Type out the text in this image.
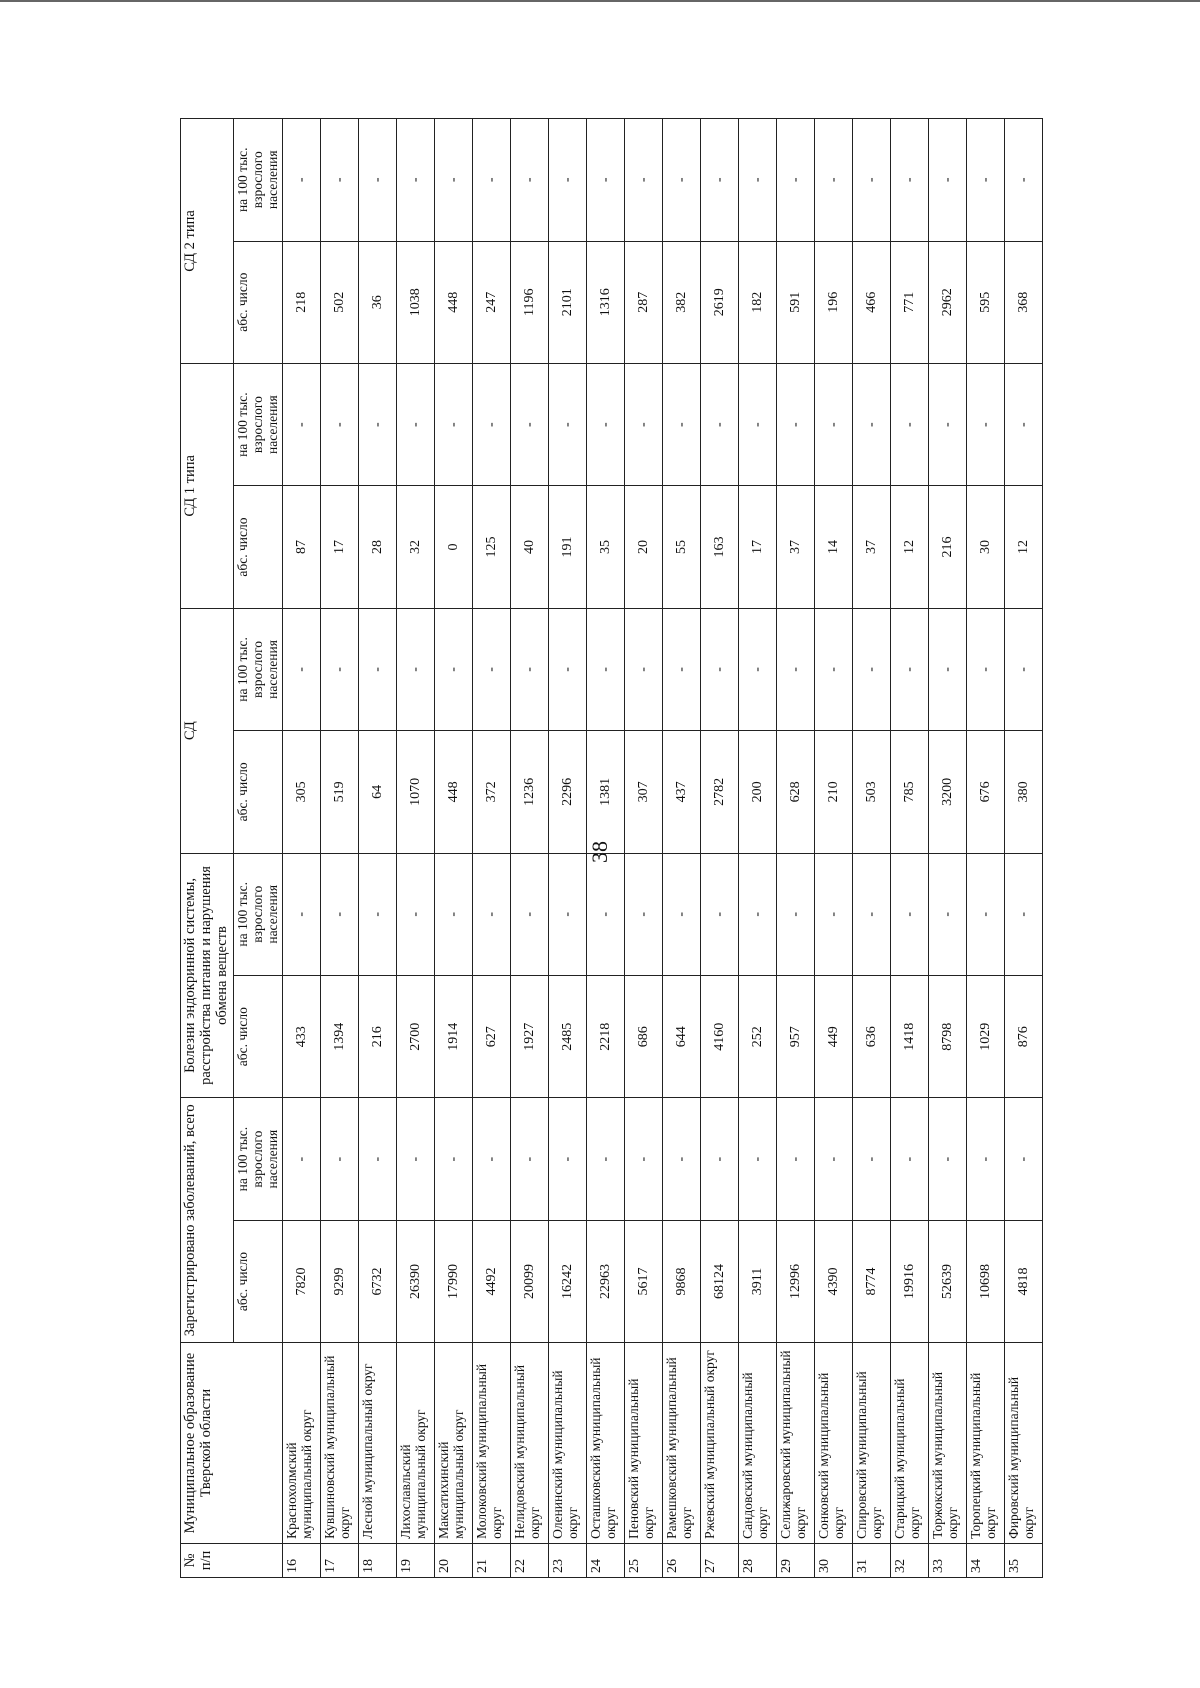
38
№ п/п	Муниципальное образование Тверской области	Зарегистрировано заболеваний, всего		Болезни эндокринной системы, расстройства питания и нарушения обмена веществ		СД		СД 1 типа		СД 2 типа	
		абс. число	на 100 тыс. взрослого населения	абс. число	на 100 тыс. взрослого населения	абс. число	на 100 тыс. взрослого населения	абс. число	на 100 тыс. взрослого населения	абс. число	на 100 тыс. взрослого населения
16	Краснохолмский муниципальный округ	7820	-	433	-	305	-	87	-	218	-
17	Кувшиновский муниципальный округ	9299	-	1394	-	519	-	17	-	502	-
18	Лесной муниципальный округ	6732	-	216	-	64	-	28	-	36	-
19	Лихославльский муниципальный округ	26390	-	2700	-	1070	-	32	-	1038	-
20	Максатихинский муниципальный округ	17990	-	1914	-	448	-	0	-	448	-
21	Молоковский муниципальный округ	4492	-	627	-	372	-	125	-	247	-
22	Нелидовский муниципальный округ	20099	-	1927	-	1236	-	40	-	1196	-
23	Оленинский муниципальный округ	16242	-	2485	-	2296	-	191	-	2101	-
24	Осташковский муниципальный округ	22963	-	2218	-	1381	-	35	-	1316	-
25	Пеновский муниципальный округ	5617	-	686	-	307	-	20	-	287	-
26	Рамешковский муниципальный округ	9868	-	644	-	437	-	55	-	382	-
27	Ржевский муниципальный округ	68124	-	4160	-	2782	-	163	-	2619	-
28	Сандовский муниципальный округ	3911	-	252	-	200	-	17	-	182	-
29	Селижаровский муниципальный округ	12996	-	957	-	628	-	37	-	591	-
30	Сонковский муниципальный округ	4390	-	449	-	210	-	14	-	196	-
31	Спировский муниципальный округ	8774	-	636	-	503	-	37	-	466	-
32	Старицкий муниципальный округ	19916	-	1418	-	785	-	12	-	771	-
33	Торжокский муниципальный округ	52639	-	8798	-	3200	-	216	-	2962	-
34	Торопецкий муниципальный округ	10698	-	1029	-	676	-	30	-	595	-
35	Фировский муниципальный округ	4818	-	876	-	380	-	12	-	368	-
